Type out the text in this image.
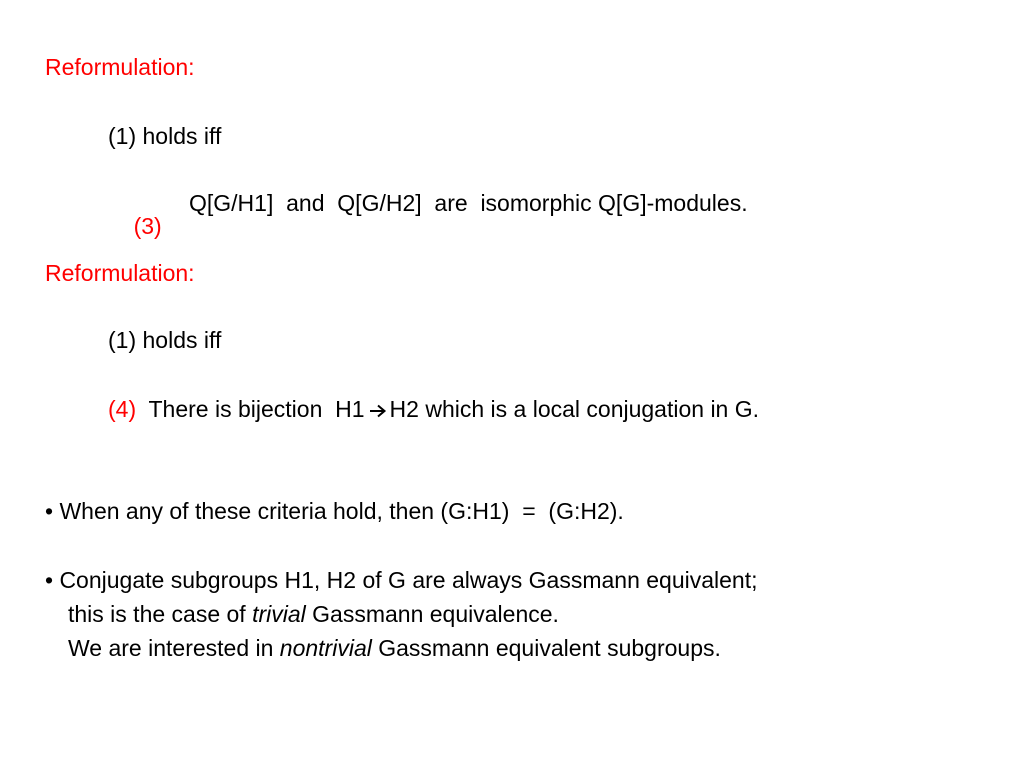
Reformulation:
(1) holds iff

(3)

Q[G/H1]  and  Q[G/H2]  are  isomorphic Q[G]-modules.

Reformulation:
(1) holds iff
(4) There is bijection  H1 H2 which is a local conjugation in G.
• When any of these criteria hold, then (G:H1)  =  (G:H2).
• Conjugate subgroups H1, H2 of G are always Gassmann equivalent;
this is the case of trivial Gassmann equivalence.
We are interested in nontrivial Gassmann equivalent subgroups.
